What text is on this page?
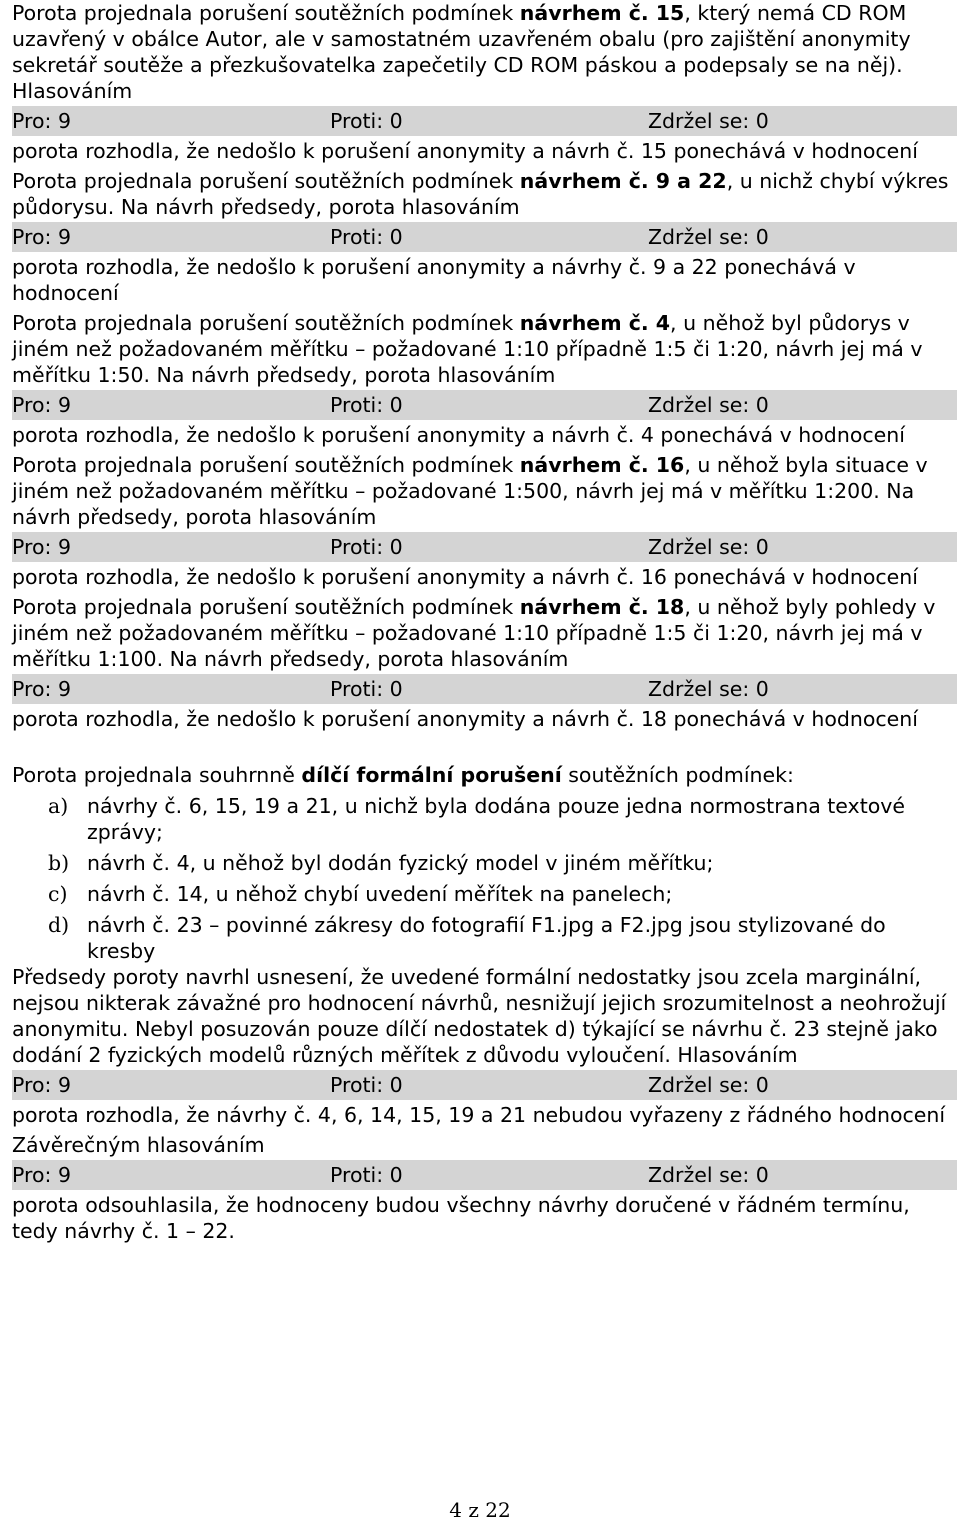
Porota projednala porušení soutěžních podmínek návrhem č. 15, který nemá CD ROM uzavřený v obálce Autor, ale v samostatném uzavřeném obalu (pro zajištění anonymity sekretář soutěže a přezkušovatelka zapečetily CD ROM páskou a podepsaly se na něj). Hlasováním

Pro: 9	Proti: 0	Zdržel se: 0

porota rozhodla, že nedošlo k porušení anonymity a návrh č. 15 ponechává v hodnocení

Porota projednala porušení soutěžních podmínek návrhem č. 9 a 22, u nichž chybí výkres půdorysu. Na návrh předsedy, porota hlasováním

Pro: 9	Proti: 0	Zdržel se: 0

porota rozhodla, že nedošlo k porušení anonymity a návrhy č. 9 a 22 ponechává v hodnocení

Porota projednala porušení soutěžních podmínek návrhem č. 4, u něhož byl půdorys v jiném než požadovaném měřítku – požadované 1:10 případně 1:5 či 1:20, návrh jej má v měřítku 1:50. Na návrh předsedy, porota hlasováním

Pro: 9	Proti: 0	Zdržel se: 0

porota rozhodla, že nedošlo k porušení anonymity a návrh č. 4 ponechává v hodnocení

Porota projednala porušení soutěžních podmínek návrhem č. 16, u něhož byla situace v jiném než požadovaném měřítku – požadované 1:500, návrh jej má v měřítku 1:200. Na návrh předsedy, porota hlasováním

Pro: 9	Proti: 0	Zdržel se: 0

porota rozhodla, že nedošlo k porušení anonymity a návrh č. 16 ponechává v hodnocení

Porota projednala porušení soutěžních podmínek návrhem č. 18, u něhož byly pohledy v jiném než požadovaném měřítku – požadované 1:10 případně 1:5 či 1:20, návrh jej má v měřítku 1:100. Na návrh předsedy, porota hlasováním

Pro: 9	Proti: 0	Zdržel se: 0

porota rozhodla, že nedošlo k porušení anonymity a návrh č. 18 ponechává v hodnocení

Porota projednala souhrnně dílčí formální porušení soutěžních podmínek:

a) návrhy č. 6, 15, 19 a 21, u nichž byla dodána pouze jedna normostrana textové zprávy;
b) návrh č. 4, u něhož byl dodán fyzický model v jiném měřítku;
c) návrh č. 14, u něhož chybí uvedení měřítek na panelech;
d) návrh č. 23 – povinné zákresy do fotografií F1.jpg a F2.jpg jsou stylizované do kresby

Předsedy poroty navrhl usnesení, že uvedené formální nedostatky jsou zcela marginální, nejsou nikterak závažné pro hodnocení návrhů, nesnižují jejich srozumitelnost a neohrožují anonymitu. Nebyl posuzován pouze dílčí nedostatek d) týkající se návrhu č. 23 stejně jako dodání 2 fyzických modelů různých měřítek z důvodu vyloučení. Hlasováním

Pro: 9	Proti: 0	Zdržel se: 0

porota rozhodla, že návrhy č. 4, 6, 14, 15, 19 a 21 nebudou vyřazeny z řádného hodnocení

Závěrečným hlasováním

Pro: 9	Proti: 0	Zdržel se: 0

porota odsouhlasila, že hodnoceny budou všechny návrhy doručené v řádném termínu, tedy návrhy č. 1 – 22.

4 z 22
